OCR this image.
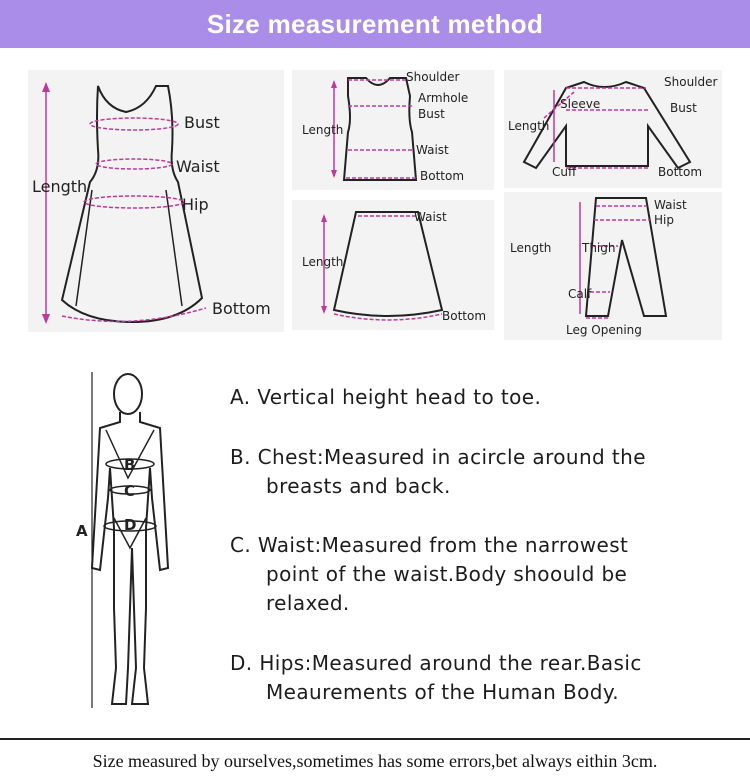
Size measurement method
Length
Bust
Waist
Hip
Bottom
Shoulder
Armhole
Bust
Length
Waist
Bottom
Waist
Length
Bottom
Shoulder
Sleeve	Bust
Length
Cuff	Bottom
Waist
Hip
Length	Thigh
Calf
Leg Opening
B
C
D
A
A. Vertical height head to toe.
B. Chest:Measured in acircle around the
breasts and back.
C. Waist:Measured from the narrowest
point of the waist.Body shoould be
relaxed.
D. Hips:Measured around the rear.Basic
Meaurements of the Human Body.
Size measured by ourselves,sometimes has some errors,bet always eithin 3cm.
